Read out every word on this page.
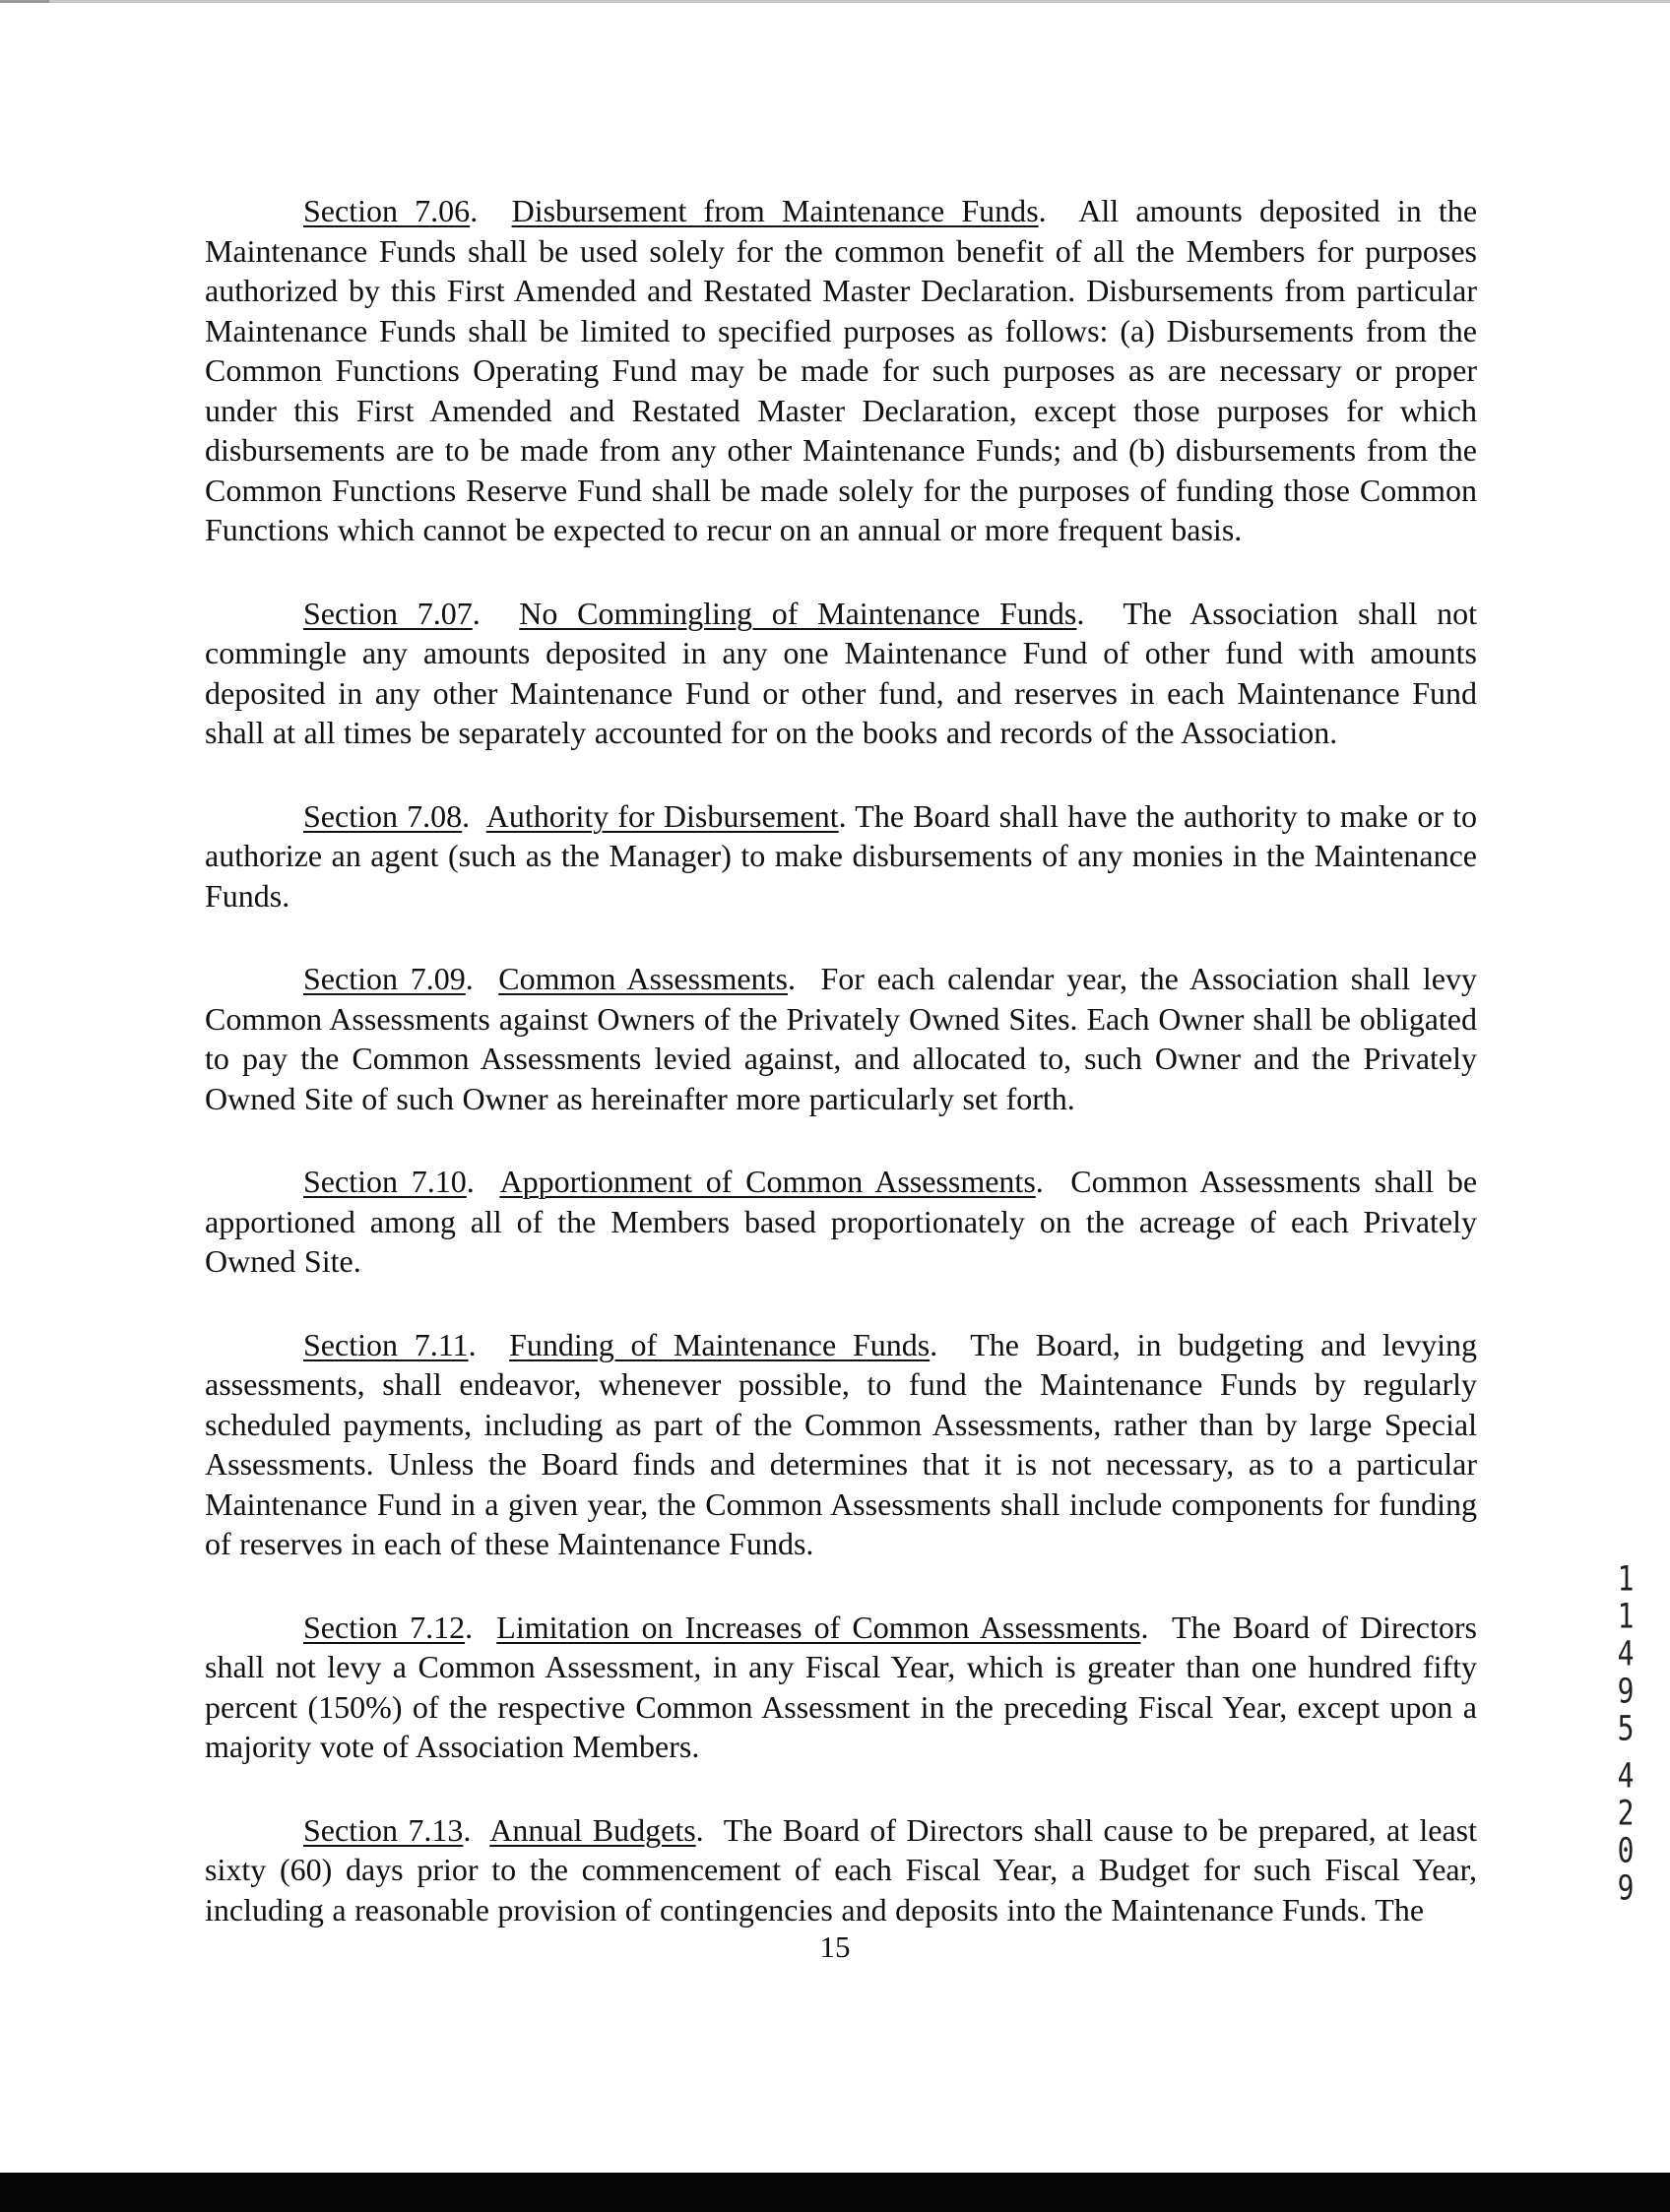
Section 7.06.  Disbursement from Maintenance Funds.  All amounts deposited in the Maintenance Funds shall be used solely for the common benefit of all the Members for purposes authorized by this First Amended and Restated Master Declaration. Disbursements from particular Maintenance Funds shall be limited to specified purposes as follows: (a) Disbursements from the Common Functions Operating Fund may be made for such purposes as are necessary or proper under this First Amended and Restated Master Declaration, except those purposes for which disbursements are to be made from any other Maintenance Funds; and (b) disbursements from the Common Functions Reserve Fund shall be made solely for the purposes of funding those Common Functions which cannot be expected to recur on an annual or more frequent basis.

Section 7.07.  No Commingling of Maintenance Funds.  The Association shall not commingle any amounts deposited in any one Maintenance Fund of other fund with amounts deposited in any other Maintenance Fund or other fund, and reserves in each Maintenance Fund shall at all times be separately accounted for on the books and records of the Association.

Section 7.08.  Authority for Disbursement. The Board shall have the authority to make or to authorize an agent (such as the Manager) to make disbursements of any monies in the Maintenance Funds.

Section 7.09.  Common Assessments.  For each calendar year, the Association shall levy Common Assessments against Owners of the Privately Owned Sites. Each Owner shall be obligated to pay the Common Assessments levied against, and allocated to, such Owner and the Privately Owned Site of such Owner as hereinafter more particularly set forth.

Section 7.10.  Apportionment of Common Assessments.  Common Assessments shall be apportioned among all of the Members based proportionately on the acreage of each Privately Owned Site.

Section 7.11.  Funding of Maintenance Funds.  The Board, in budgeting and levying assessments, shall endeavor, whenever possible, to fund the Maintenance Funds by regularly scheduled payments, including as part of the Common Assessments, rather than by large Special Assessments. Unless the Board finds and determines that it is not necessary, as to a particular Maintenance Fund in a given year, the Common Assessments shall include components for funding of reserves in each of these Maintenance Funds.

Section 7.12.  Limitation on Increases of Common Assessments.  The Board of Directors shall not levy a Common Assessment, in any Fiscal Year, which is greater than one hundred fifty percent (150%) of the respective Common Assessment in the preceding Fiscal Year, except upon a majority vote of Association Members.

Section 7.13.  Annual Budgets.  The Board of Directors shall cause to be prepared, at least sixty (60) days prior to the commencement of each Fiscal Year, a Budget for such Fiscal Year, including a reasonable provision of contingencies and deposits into the Maintenance Funds. The

1
1
4
9
5
4
2
0
9
15
